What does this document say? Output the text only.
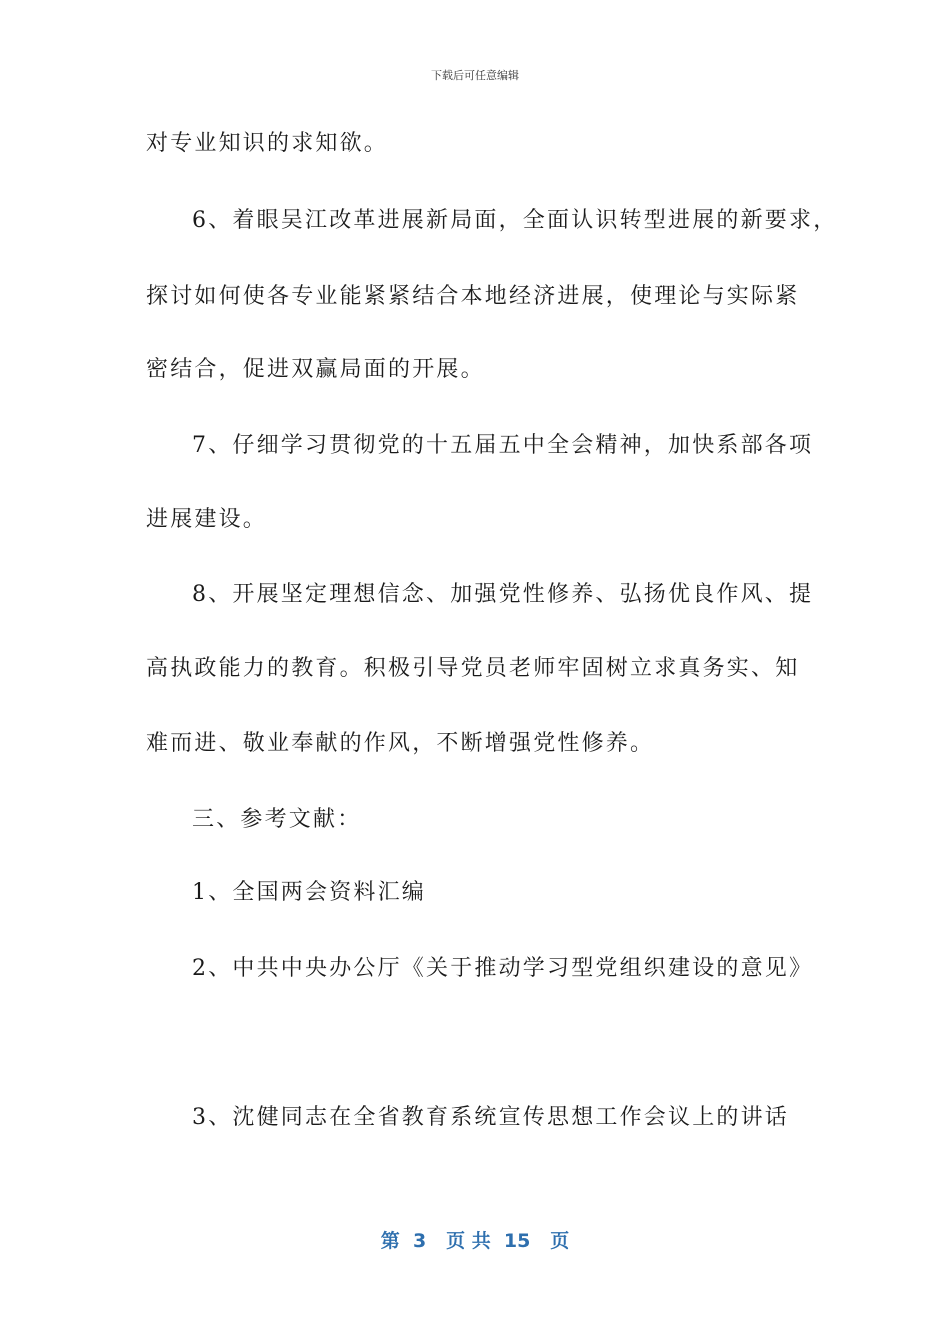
下载后可任意编辑
对专业知识的求知欲。
6、着眼吴江改革进展新局面，全面认识转型进展的新要求，
探讨如何使各专业能紧紧结合本地经济进展，使理论与实际紧
密结合，促进双赢局面的开展。
7、仔细学习贯彻党的十五届五中全会精神，加快系部各项
进展建设。
8、开展坚定理想信念、加强党性修养、弘扬优良作风、提
高执政能力的教育。积极引导党员老师牢固树立求真务实、知
难而进、敬业奉献的作风，不断增强党性修养。
三、参考文献：
1、全国两会资料汇编
2、中共中央办公厅《关于推动学习型党组织建设的意见》
3、沈健同志在全省教育系统宣传思想工作会议上的讲话
第  3   页 共  15   页
